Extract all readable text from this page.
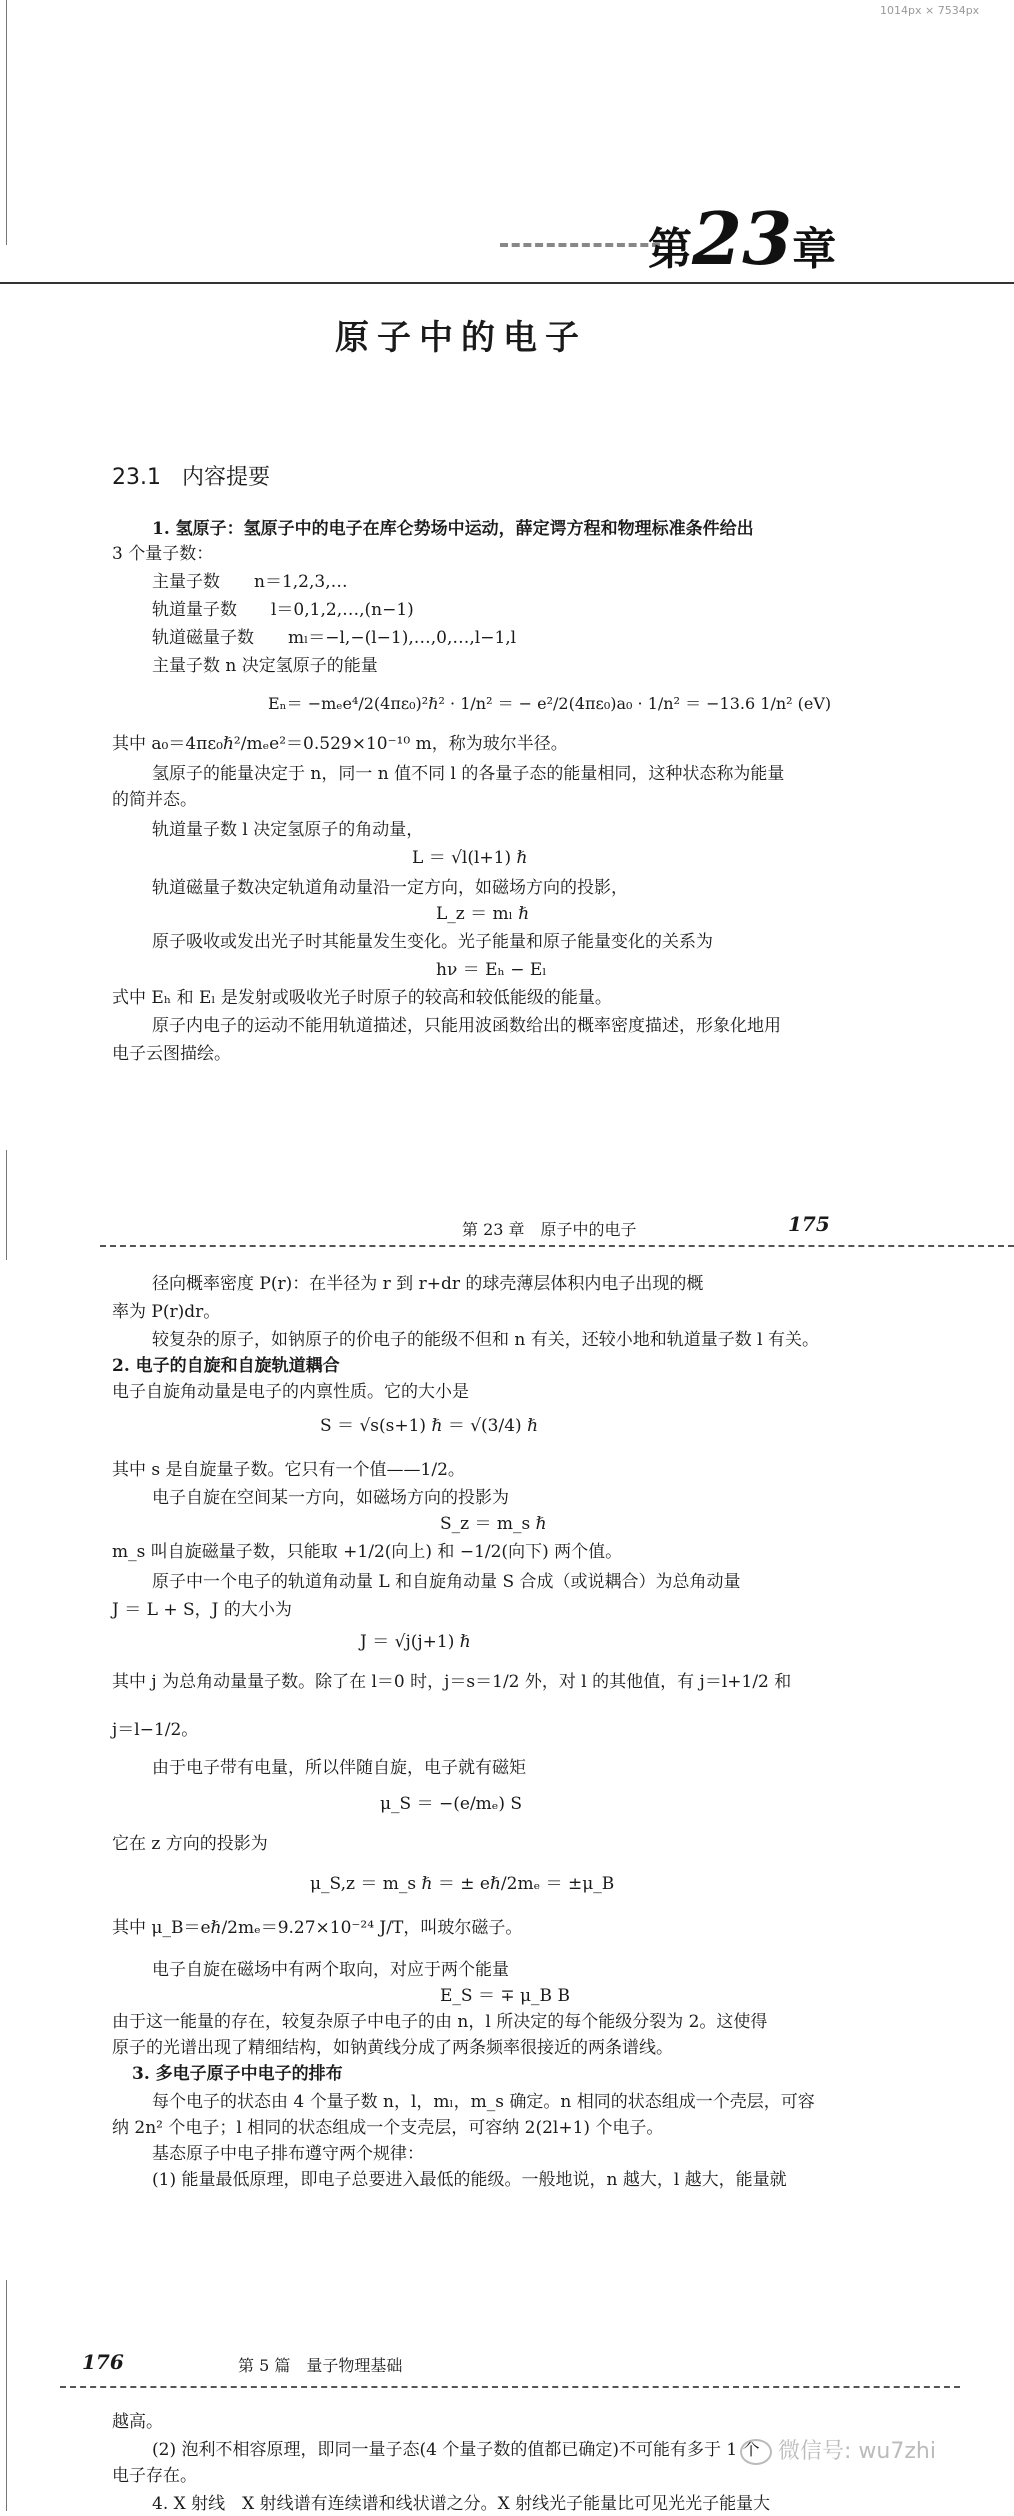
1014px × 7534px
第23章
原子中的电子
23.1 内容提要
1. 氢原子：氢原子中的电子在库仑势场中运动，薛定谔方程和物理标准条件给出
3 个量子数：
主量子数　　n＝1,2,3,…
轨道量子数　　l＝0,1,2,…,(n−1)
轨道磁量子数　　mₗ＝−l,−(l−1),…,0,…,l−1,l
主量子数 n 决定氢原子的能量
Eₙ＝ −mₑe⁴/2(4πε₀)²ℏ² · 1/n² ＝ − e²/2(4πε₀)a₀ · 1/n² ＝ −13.6 1/n² (eV)
其中 a₀＝4πε₀ℏ²/mₑe²＝0.529×10⁻¹⁰ m，称为玻尔半径。
氢原子的能量决定于 n，同一 n 值不同 l 的各量子态的能量相同，这种状态称为能量
的简并态。
轨道量子数 l 决定氢原子的角动量，
L ＝ √l(l+1) ℏ
轨道磁量子数决定轨道角动量沿一定方向，如磁场方向的投影，
L_z ＝ mₗ ℏ
原子吸收或发出光子时其能量发生变化。光子能量和原子能量变化的关系为
hν ＝ Eₕ − Eₗ
式中 Eₕ 和 Eₗ 是发射或吸收光子时原子的较高和较低能级的能量。
原子内电子的运动不能用轨道描述，只能用波函数给出的概率密度描述，形象化地用
电子云图描绘。
第 23 章　原子中的电子	175
径向概率密度 P(r)：在半径为 r 到 r+dr 的球壳薄层体积内电子出现的概
率为 P(r)dr。
较复杂的原子，如钠原子的价电子的能级不但和 n 有关，还较小地和轨道量子数 l 有关。
2. 电子的自旋和自旋轨道耦合
电子自旋角动量是电子的内禀性质。它的大小是
S ＝ √s(s+1) ℏ ＝ √(3/4) ℏ
其中 s 是自旋量子数。它只有一个值——1/2。
电子自旋在空间某一方向，如磁场方向的投影为
S_z ＝ m_s ℏ
m_s 叫自旋磁量子数，只能取 +1/2(向上) 和 −1/2(向下) 两个值。
原子中一个电子的轨道角动量 L 和自旋角动量 S 合成（或说耦合）为总角动量
J ＝ L + S，J 的大小为
J ＝ √j(j+1) ℏ
其中 j 为总角动量量子数。除了在 l＝0 时，j＝s＝1/2 外，对 l 的其他值，有 j＝l+1/2 和
j＝l−1/2。
由于电子带有电量，所以伴随自旋，电子就有磁矩
μ_S ＝ −(e/mₑ) S
它在 z 方向的投影为
μ_S,z ＝ m_s ℏ ＝ ± eℏ/2mₑ ＝ ±μ_B
其中 μ_B＝eℏ/2mₑ＝9.27×10⁻²⁴ J/T，叫玻尔磁子。
电子自旋在磁场中有两个取向，对应于两个能量
E_S ＝ ∓ μ_B B
由于这一能量的存在，较复杂原子中电子的由 n，l 所决定的每个能级分裂为 2。这使得
原子的光谱出现了精细结构，如钠黄线分成了两条频率很接近的两条谱线。
3. 多电子原子中电子的排布
每个电子的状态由 4 个量子数 n，l，mₗ，m_s 确定。n 相同的状态组成一个壳层，可容
纳 2n² 个电子；l 相同的状态组成一个支壳层，可容纳 2(2l+1) 个电子。
基态原子中电子排布遵守两个规律：
(1) 能量最低原理，即电子总要进入最低的能级。一般地说，n 越大，l 越大，能量就
176	第 5 篇　量子物理基础
越高。
(2) 泡利不相容原理，即同一量子态(4 个量子数的值都已确定)不可能有多于 1 个
电子存在。
4. X 射线　X 射线谱有连续谱和线状谱之分。X 射线光子能量比可见光光子能量大
微信号: wu7zhi
